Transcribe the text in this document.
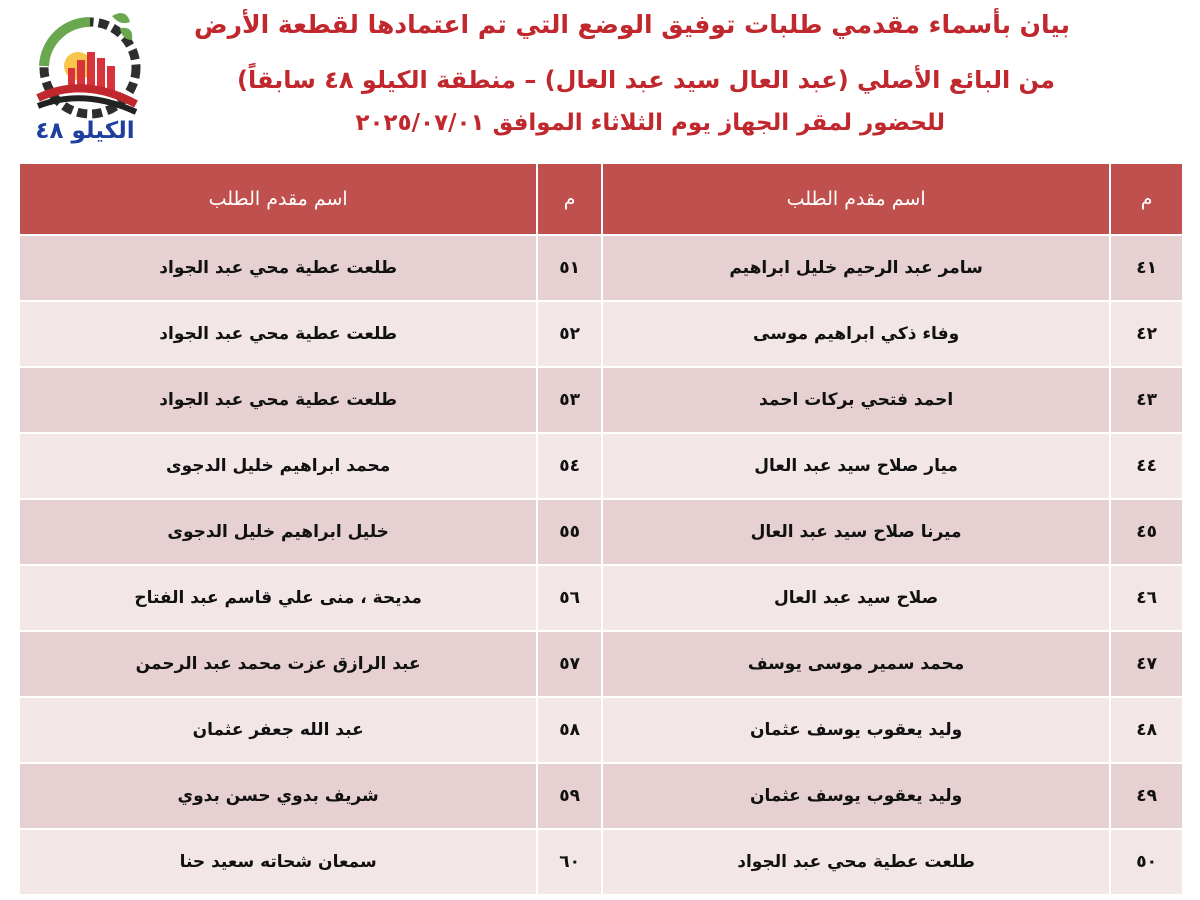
بيان بأسماء مقدمي طلبات توفيق الوضع التي تم اعتمادها لقطعة الأرض
من البائع الأصلي (عبد العال سيد عبد العال) – منطقة الكيلو ٤٨ سابقاً)
للحضور لمقر الجهاز يوم الثلاثاء الموافق ٢٠٢٥/٠٧/٠١
الكيلو ٤٨
م	اسم مقدم الطلب	م	اسم مقدم الطلب
٤١	سامر عبد الرحيم خليل ابراهيم	٥١	طلعت عطية محي عبد الجواد
٤٢	وفاء ذكي ابراهيم موسى	٥٢	طلعت عطية محي عبد الجواد
٤٣	احمد فتحي بركات احمد	٥٣	طلعت عطية محي عبد الجواد
٤٤	ميار صلاح سيد عبد العال	٥٤	محمد ابراهيم خليل الدجوى
٤٥	ميرنا صلاح سيد عبد العال	٥٥	خليل ابراهيم خليل الدجوى
٤٦	صلاح سيد عبد العال	٥٦	مديحة ، منى علي قاسم عبد الفتاح
٤٧	محمد سمير موسى يوسف	٥٧	عبد الرازق عزت محمد عبد الرحمن
٤٨	وليد يعقوب يوسف عثمان	٥٨	عبد الله جعفر عثمان
٤٩	وليد يعقوب يوسف عثمان	٥٩	شريف بدوي حسن بدوي
٥٠	طلعت عطية محي عبد الجواد	٦٠	سمعان شحاته سعيد حنا
